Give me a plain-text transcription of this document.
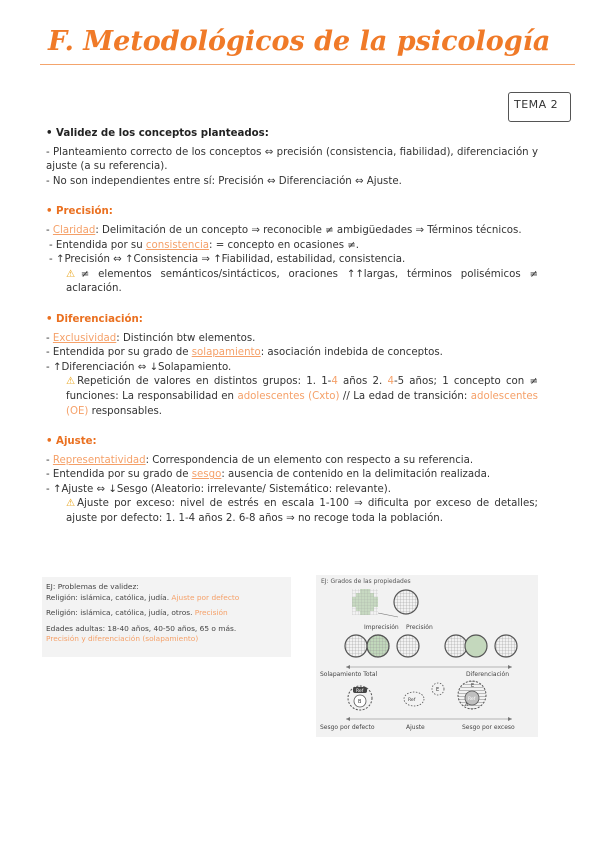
F. Metodológicos de la psicología
TEMA 2

• Validez de los conceptos planteados:

- Planteamiento correcto de los conceptos ⇔ precisión (consistencia, fiabilidad), diferenciación y ajuste (a su referencia).

- No son independientes entre sí: Precisión ⇔ Diferenciación ⇔ Ajuste.

• Precisión:

- Claridad: Delimitación de un concepto ⇒ reconocible ≠ ambigüedades ⇒ Términos técnicos.

- Entendida por su consistencia: = concepto en ocasiones ≠.

- ↑Precisión ⇔ ↑Consistencia ⇒ ↑Fiabilidad, estabilidad, consistencia.

⚠≠ elementos semánticos/sintácticos, oraciones ↑↑largas, términos polisémicos ≠ aclaración.

• Diferenciación:

- Exclusividad: Distinción btw elementos.

- Entendida por su grado de solapamiento: asociación indebida de conceptos.

- ↑Diferenciación ⇔ ↓Solapamiento.

⚠Repetición de valores en distintos grupos: 1. 1-4 años 2. 4-5 años; 1 concepto con ≠ funciones: La responsabilidad en adolescentes (Cxto) // La edad de transición: adolescentes (OE) responsables.

• Ajuste:

- Representatividad: Correspondencia de un elemento con respecto a su referencia.

- Entendida por su grado de sesgo: ausencia de contenido en la delimitación realizada.

- ↑Ajuste ⇔ ↓Sesgo (Aleatorio: irrelevante/ Sistemático: relevante).

⚠Ajuste por exceso: nivel de estrés en escala 1-100 ⇒ dificulta por exceso de detalles; ajuste por defecto: 1. 1-4 años 2. 6-8 años ⇒ no recoge toda la población.

EJ: Problemas de validez:

Religión: islámica, católica, judía. Ajuste por defecto

Religión: islámica, católica, judía, otros. Precisión

Edades adultas: 18-40 años, 40-50 años, 65 o más.

Precisión y diferenciación (solapamiento)

EJ: Grados de las propiedades
Imprecisión Precisión
Solapamiento Total	Diferenciación
Ref
B	Ref
E
E
Ref
A
Sesgo por defecto	Ajuste	Sesgo por exceso
